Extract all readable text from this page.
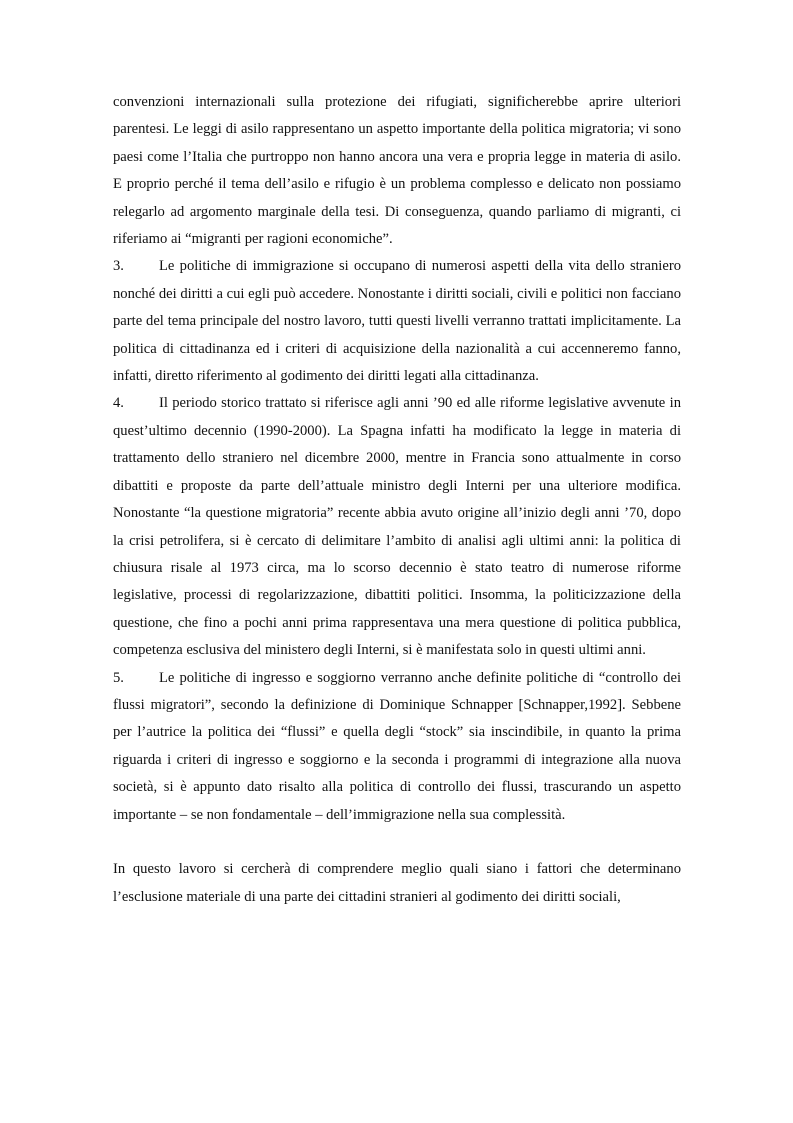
convenzioni internazionali sulla protezione dei rifugiati, significherebbe aprire ulteriori parentesi. Le leggi di asilo rappresentano un aspetto importante della politica migratoria; vi sono paesi come l’Italia che purtroppo non hanno ancora una vera e propria legge in materia di asilo. E proprio perché il tema dell’asilo e rifugio è un problema complesso e delicato non possiamo relegarlo ad argomento marginale della tesi. Di conseguenza, quando parliamo di migranti, ci riferiamo ai “migranti per ragioni economiche”.

3. Le politiche di immigrazione si occupano di numerosi aspetti della vita dello straniero nonché dei diritti a cui egli può accedere. Nonostante i diritti sociali, civili e politici non facciano parte del tema principale del nostro lavoro, tutti questi livelli verranno trattati implicitamente. La politica di cittadinanza ed i criteri di acquisizione della nazionalità a cui accenneremo fanno, infatti, diretto riferimento al godimento dei diritti legati alla cittadinanza.

4. Il periodo storico trattato si riferisce agli anni ’90 ed alle riforme legislative avvenute in quest’ultimo decennio (1990-2000). La Spagna infatti ha modificato la legge in materia di trattamento dello straniero nel dicembre 2000, mentre in Francia sono attualmente in corso dibattiti e proposte da parte dell’attuale ministro degli Interni per una ulteriore modifica. Nonostante “la questione migratoria” recente abbia avuto origine all’inizio degli anni ’70, dopo la crisi petrolifera, si è cercato di delimitare l’ambito di analisi agli ultimi anni: la politica di chiusura risale al 1973 circa, ma lo scorso decennio è stato teatro di numerose riforme legislative, processi di regolarizzazione, dibattiti politici. Insomma, la politicizzazione della questione, che fino a pochi anni prima rappresentava una mera questione di politica pubblica, competenza esclusiva del ministero degli Interni, si è manifestata solo in questi ultimi anni.

5. Le politiche di ingresso e soggiorno verranno anche definite politiche di “controllo dei flussi migratori”, secondo la definizione di Dominique Schnapper [Schnapper,1992]. Sebbene per l’autrice la politica dei “flussi” e quella degli “stock” sia inscindibile, in quanto la prima riguarda i criteri di ingresso e soggiorno e la seconda i programmi di integrazione alla nuova società, si è appunto dato risalto alla politica di controllo dei flussi, trascurando un aspetto importante – se non fondamentale – dell’immigrazione nella sua complessità.

In questo lavoro si cercherà di comprendere meglio quali siano i fattori che determinano l’esclusione materiale di una parte dei cittadini stranieri al godimento dei diritti sociali,
